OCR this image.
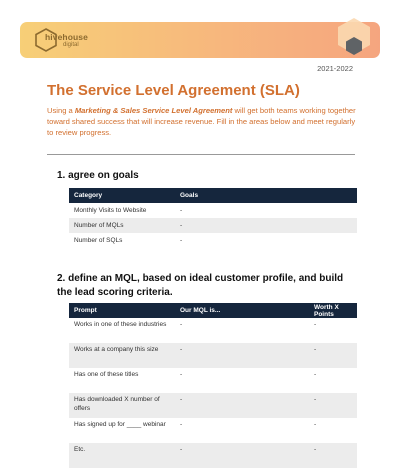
hivehouse
digital
2021-2022
The Service Level Agreement (SLA)

Using a Marketing & Sales Service Level Agreement will get both teams working together toward shared success that will increase revenue. Fill in the areas below and meet regularly to review progress.

1. agree on goals
Category	Goals
Monthly Visits to Website	-
Number of MQLs	-
Number of SQLs	-
2. define an MQL, based on ideal customer profile, and build the lead scoring criteria.
Prompt	Our MQL is...	Worth X Points
Works in one of these industries	-	-
Works at a company this size	-	-
Has one of these titles	-	-
Has downloaded X number of offers	-	-
Has signed up for ____ webinar	-	-
Etc.	-	-
